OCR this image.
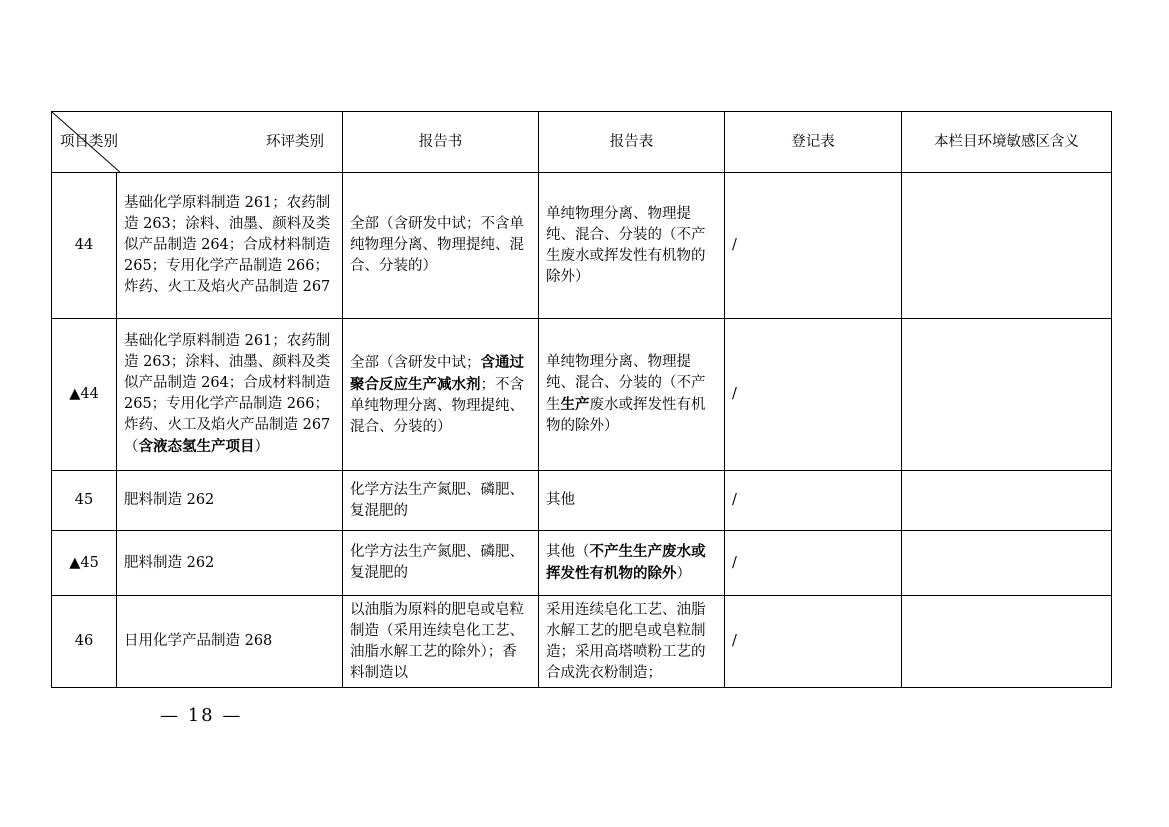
项目类别 环评类别		报告书	报告表	登记表	本栏目环境敏感区含义
44	基础化学原料制造 261；农药制造 263；涂料、油墨、颜料及类似产品制造 264；合成材料制造 265；专用化学产品制造 266；炸药、火工及焰火产品制造 267	全部（含研发中试；不含单纯物理分离、物理提纯、混合、分装的）	单纯物理分离、物理提纯、混合、分装的（不产生废水或挥发性有机物的除外）	/	
▲44	基础化学原料制造 261；农药制造 263；涂料、油墨、颜料及类似产品制造 264；合成材料制造 265；专用化学产品制造 266；炸药、火工及焰火产品制造 267（含液态氢生产项目）	全部（含研发中试；含通过聚合反应生产减水剂；不含单纯物理分离、物理提纯、混合、分装的）	单纯物理分离、物理提纯、混合、分装的（不产生生产废水或挥发性有机物的除外）	/	
45	肥料制造 262	化学方法生产氮肥、磷肥、复混肥的	其他	/	
▲45	肥料制造 262	化学方法生产氮肥、磷肥、复混肥的	其他（不产生生产废水或挥发性有机物的除外）	/	
46	日用化学产品制造 268	以油脂为原料的肥皂或皂粒制造（采用连续皂化工艺、油脂水解工艺的除外）；香料制造以	采用连续皂化工艺、油脂水解工艺的肥皂或皂粒制造；采用高塔喷粉工艺的合成洗衣粉制造；	/	
— 18 —
